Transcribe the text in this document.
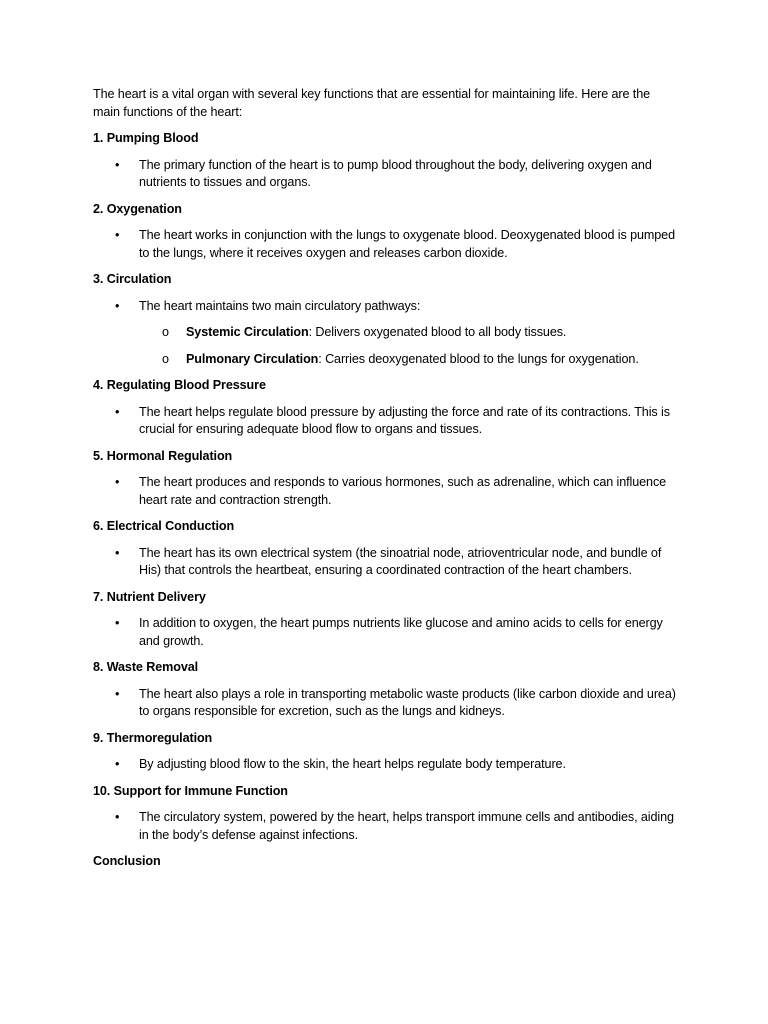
The heart is a vital organ with several key functions that are essential for maintaining life. Here are the main functions of the heart:

1. Pumping Blood

• The primary function of the heart is to pump blood throughout the body, delivering oxygen and nutrients to tissues and organs.

2. Oxygenation

• The heart works in conjunction with the lungs to oxygenate blood. Deoxygenated blood is pumped to the lungs, where it receives oxygen and releases carbon dioxide.

3. Circulation

• The heart maintains two main circulatory pathways:
o Systemic Circulation: Delivers oxygenated blood to all body tissues.
o Pulmonary Circulation: Carries deoxygenated blood to the lungs for oxygenation.

4. Regulating Blood Pressure

• The heart helps regulate blood pressure by adjusting the force and rate of its contractions. This is crucial for ensuring adequate blood flow to organs and tissues.

5. Hormonal Regulation

• The heart produces and responds to various hormones, such as adrenaline, which can influence heart rate and contraction strength.

6. Electrical Conduction

• The heart has its own electrical system (the sinoatrial node, atrioventricular node, and bundle of His) that controls the heartbeat, ensuring a coordinated contraction of the heart chambers.

7. Nutrient Delivery

• In addition to oxygen, the heart pumps nutrients like glucose and amino acids to cells for energy and growth.

8. Waste Removal

• The heart also plays a role in transporting metabolic waste products (like carbon dioxide and urea) to organs responsible for excretion, such as the lungs and kidneys.

9. Thermoregulation

• By adjusting blood flow to the skin, the heart helps regulate body temperature.

10. Support for Immune Function

• The circulatory system, powered by the heart, helps transport immune cells and antibodies, aiding in the body’s defense against infections.

Conclusion
